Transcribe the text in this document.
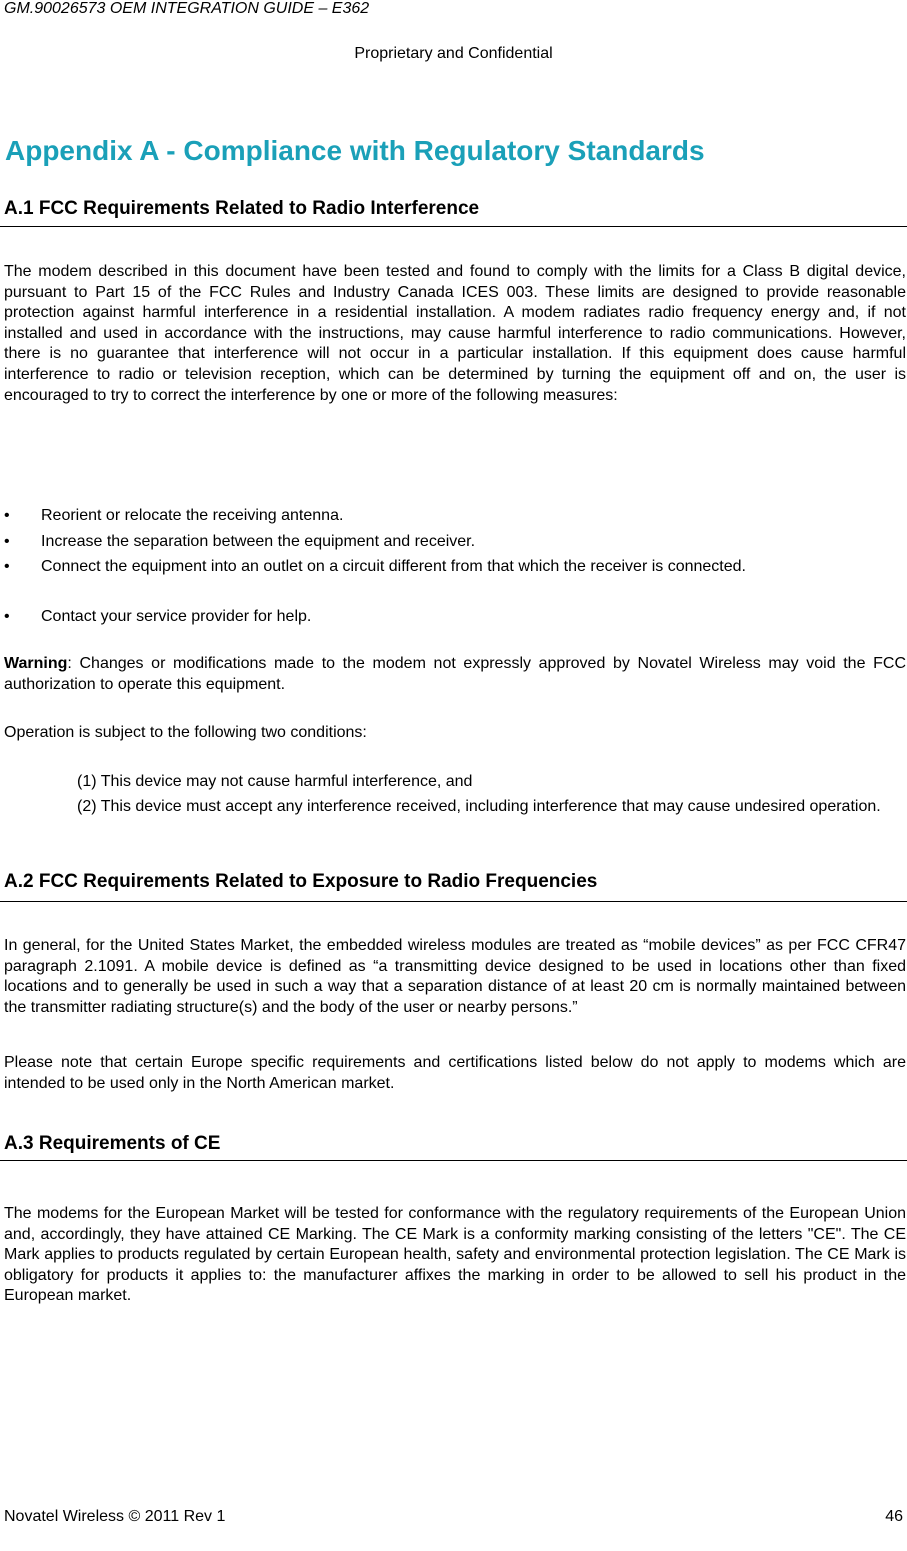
GM.90026573 OEM INTEGRATION GUIDE – E362
Proprietary and Confidential
Appendix A - Compliance with Regulatory Standards
A.1 FCC Requirements Related to Radio Interference
The modem described in this document have been tested and found to comply with the limits for a Class B digital device, pursuant to Part 15 of the FCC Rules and Industry Canada ICES 003. These limits are designed to provide reasonable protection against harmful interference in a residential installation. A modem radiates radio frequency energy and, if not installed and used in accordance with the instructions, may cause harmful interference to radio communications. However, there is no guarantee that interference will not occur in a particular installation. If this equipment does cause harmful interference to radio or television reception, which can be determined by turning the equipment off and on, the user is encouraged to try to correct the interference by one or more of the following measures:
•	Reorient or relocate the receiving antenna.
•	Increase the separation between the equipment and receiver.
•	Connect the equipment into an outlet on a circuit different from that which the receiver is connected.
•	Contact your service provider for help.
Warning: Changes or modifications made to the modem not expressly approved by Novatel Wireless may void the FCC authorization to operate this equipment.
Operation is subject to the following two conditions:
(1) This device may not cause harmful interference, and
(2) This device must accept any interference received, including interference that may cause undesired operation.
A.2 FCC Requirements Related to Exposure to Radio Frequencies
In general, for the United States Market, the embedded wireless modules are treated as “mobile devices” as per FCC CFR47 paragraph 2.1091. A mobile device is defined as “a transmitting device designed to be used in locations other than fixed locations and to generally be used in such a way that a separation distance of at least 20 cm is normally maintained between the transmitter radiating structure(s) and the body of the user or nearby persons.”
Please note that certain Europe specific requirements and certifications listed below do not apply to modems which are intended to be used only in the North American market.
A.3 Requirements of CE
The modems for the European Market will be tested for conformance with the regulatory requirements of the European Union and, accordingly, they have attained CE Marking. The CE Mark is a conformity marking consisting of the letters "CE". The CE Mark applies to products regulated by certain European health, safety and environmental protection legislation. The CE Mark is obligatory for products it applies to: the manufacturer affixes the marking in order to be allowed to sell his product in the European market.
Novatel Wireless © 2011 Rev 1	46
